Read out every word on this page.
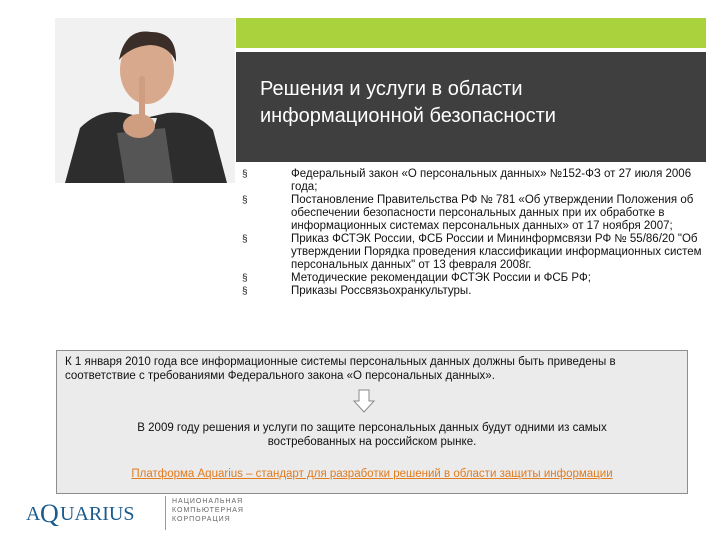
Решения и услуги в области
информационной безопасности
§	Федеральный закон «О персональных данных» №152-ФЗ от 27 июля 2006 года;
§	Постановление Правительства РФ № 781 «Об утверждении Положения об обеспечении безопасности персональных данных при их обработке в информационных системах персональных данных» от 17 ноября 2007;
§	Приказ ФСТЭК России, ФСБ России и Мининформсвязи РФ № 55/86/20 "Об утверждении Порядка проведения классификации информационных систем персональных данных" от 13 февраля 2008г.
§	Методические рекомендации ФСТЭК России и ФСБ РФ;
§	Приказы Россвязьохранкультуры.
К 1 января 2010 года все информационные системы персональных данных должны быть приведены в соответствие с требованиями Федерального закона «О персональных данных».
В 2009 году решения и услуги по защите персональных данных будут одними из самых востребованных на российском рынке.
Платформа Aquarius – стандарт для разработки решений в области защиты информации
A Q UARIUS
НАЦИОНАЛЬНАЯ
КОМПЬЮТЕРНАЯ
КОРПОРАЦИЯ
